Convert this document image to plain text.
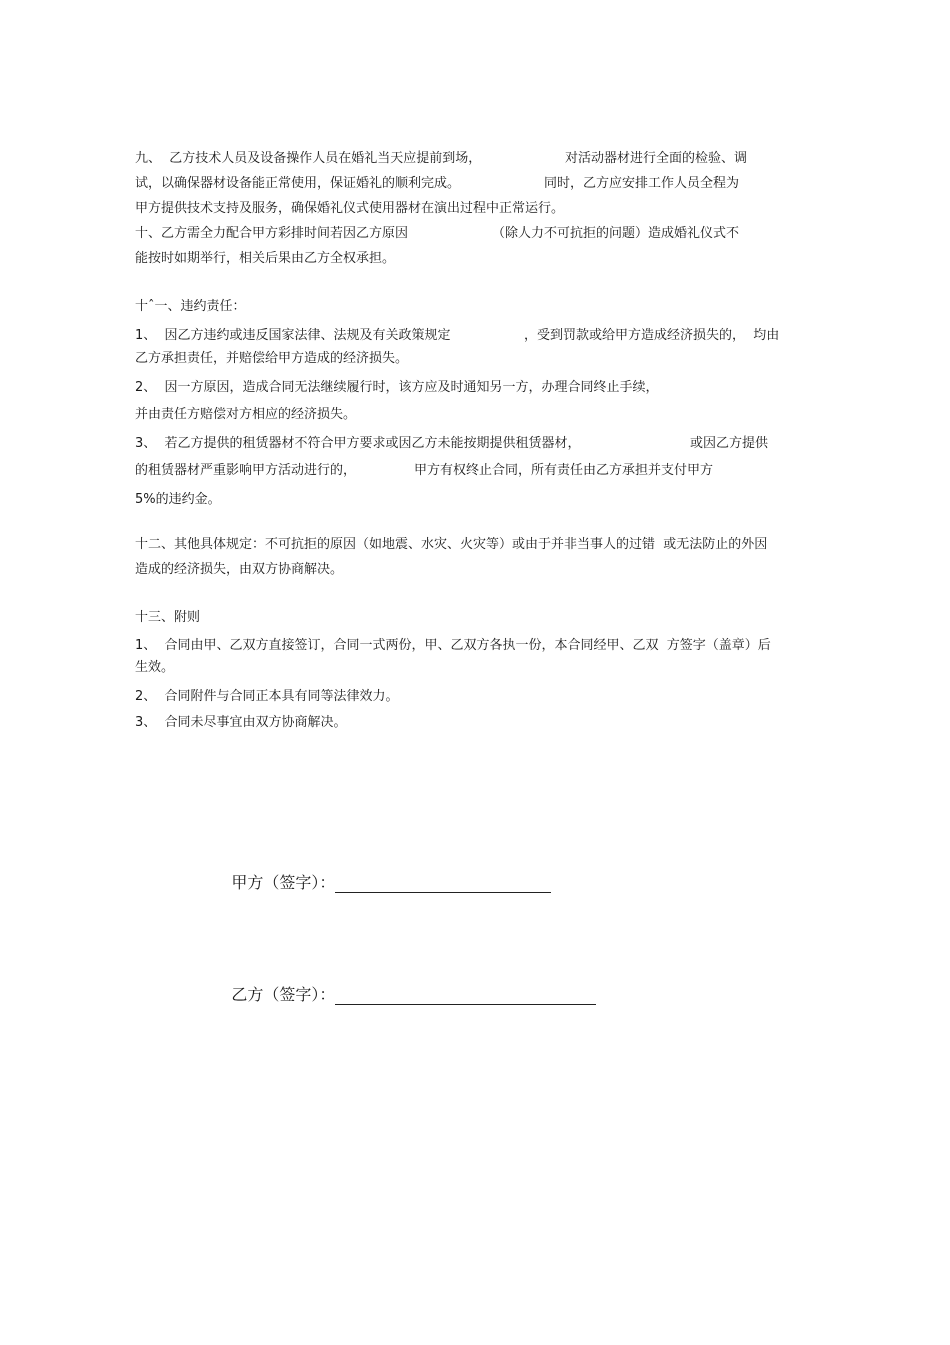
九、  乙方技术人员及设备操作人员在婚礼当天应提前到场，	对活动器材进行全面的检验、调
试，以确保器材设备能正常使用，保证婚礼的顺利完成。	同时，乙方应安排工作人员全程为
甲方提供技术支持及服务，确保婚礼仪式使用器材在演出过程中正常运行。
十、乙方需全力配合甲方彩排时间若因乙方原因	（除人力不可抗拒的问题）造成婚礼仪式不
能按时如期举行，相关后果由乙方全权承担。
十ˆ一、违约责任：
1、  因乙方违约或违反国家法律、法规及有关政策规定	，受到罚款或给甲方造成经济损失的，  均由
乙方承担责任，并赔偿给甲方造成的经济损失。
2、  因一方原因，造成合同无法继续履行时，该方应及时通知另一方，办理合同终止手续，
并由责任方赔偿对方相应的经济损失。
3、  若乙方提供的租赁器材不符合甲方要求或因乙方未能按期提供租赁器材，	或因乙方提供
的租赁器材严重影响甲方活动进行的，	甲方有权终止合同，所有责任由乙方承担并支付甲方
5%的违约金。
十二、其他具体规定：不可抗拒的原因（如地震、水灾、火灾等）或由于并非当事人的过错  或无法防止的外因
造成的经济损失，由双方协商解决。
十三、附则
1、  合同由甲、乙双方直接签订，合同一式两份，甲、乙双方各执一份，本合同经甲、乙双  方签字（盖章）后
生效。
2、  合同附件与合同正本具有同等法律效力。
3、  合同未尽事宜由双方协商解决。

甲方（签字）：

乙方（签字）：
